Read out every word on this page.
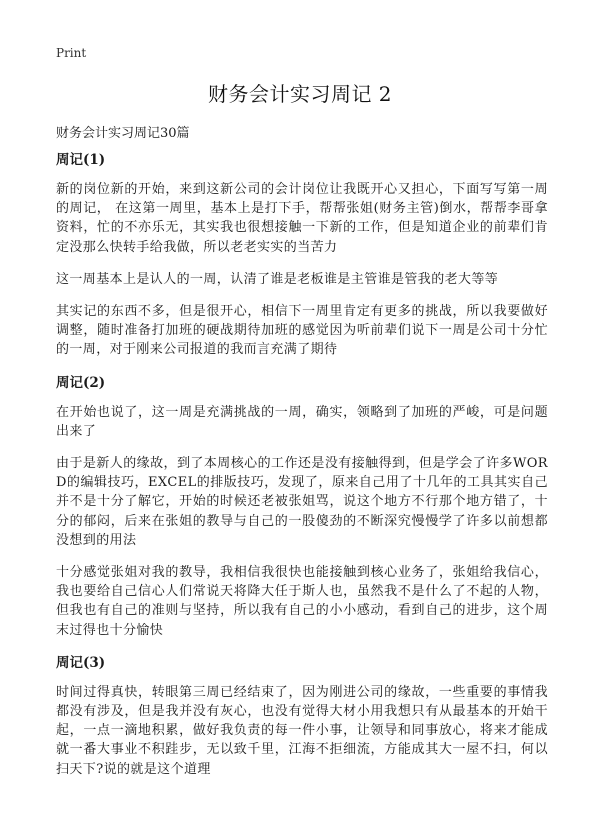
Print
财务会计实习周记 2

财务会计实习周记30篇

周记(1)

新的岗位新的开始，来到这新公司的会计岗位让我既开心又担心，下面写写第一周的周记， 在这第一周里，基本上是打下手，帮帮张姐(财务主管)倒水，帮帮李哥拿资料，忙的不亦乐无，其实我也很想接触一下新的工作，但是知道企业的前辈们肯定没那么快转手给我做，所以老老实实的当苦力

这一周基本上是认人的一周，认清了谁是老板谁是主管谁是管我的老大等等

其实记的东西不多，但是很开心，相信下一周里肯定有更多的挑战，所以我要做好调整，随时准备打加班的硬战期待加班的感觉因为听前辈们说下一周是公司十分忙的一周，对于刚来公司报道的我而言充满了期待

周记(2)

在开始也说了，这一周是充满挑战的一周，确实，领略到了加班的严峻，可是问题出来了

由于是新人的缘故，到了本周核心的工作还是没有接触得到，但是学会了许多WORD的编辑技巧，EXCEL的排版技巧，发现了，原来自己用了十几年的工具其实自己并不是十分了解它，开始的时候还老被张姐骂，说这个地方不行那个地方错了，十分的郁闷，后来在张姐的教导与自己的一股傻劲的不断深究慢慢学了许多以前想都没想到的用法

十分感觉张姐对我的教导，我相信我很快也能接触到核心业务了，张姐给我信心，我也要给自己信心人们常说天将降大任于斯人也，虽然我不是什么了不起的人物，但我也有自己的准则与坚持，所以我有自己的小小感动，看到自己的进步，这个周末过得也十分愉快

周记(3)

时间过得真快，转眼第三周已经结束了，因为刚进公司的缘故，一些重要的事情我都没有涉及，但是我并没有灰心，也没有觉得大材小用我想只有从最基本的开始干起，一点一滴地积累，做好我负责的每一件小事，让领导和同事放心，将来才能成就一番大事业不积跬步，无以致千里，江海不拒细流，方能成其大一屋不扫，何以扫天下?说的就是这个道理
